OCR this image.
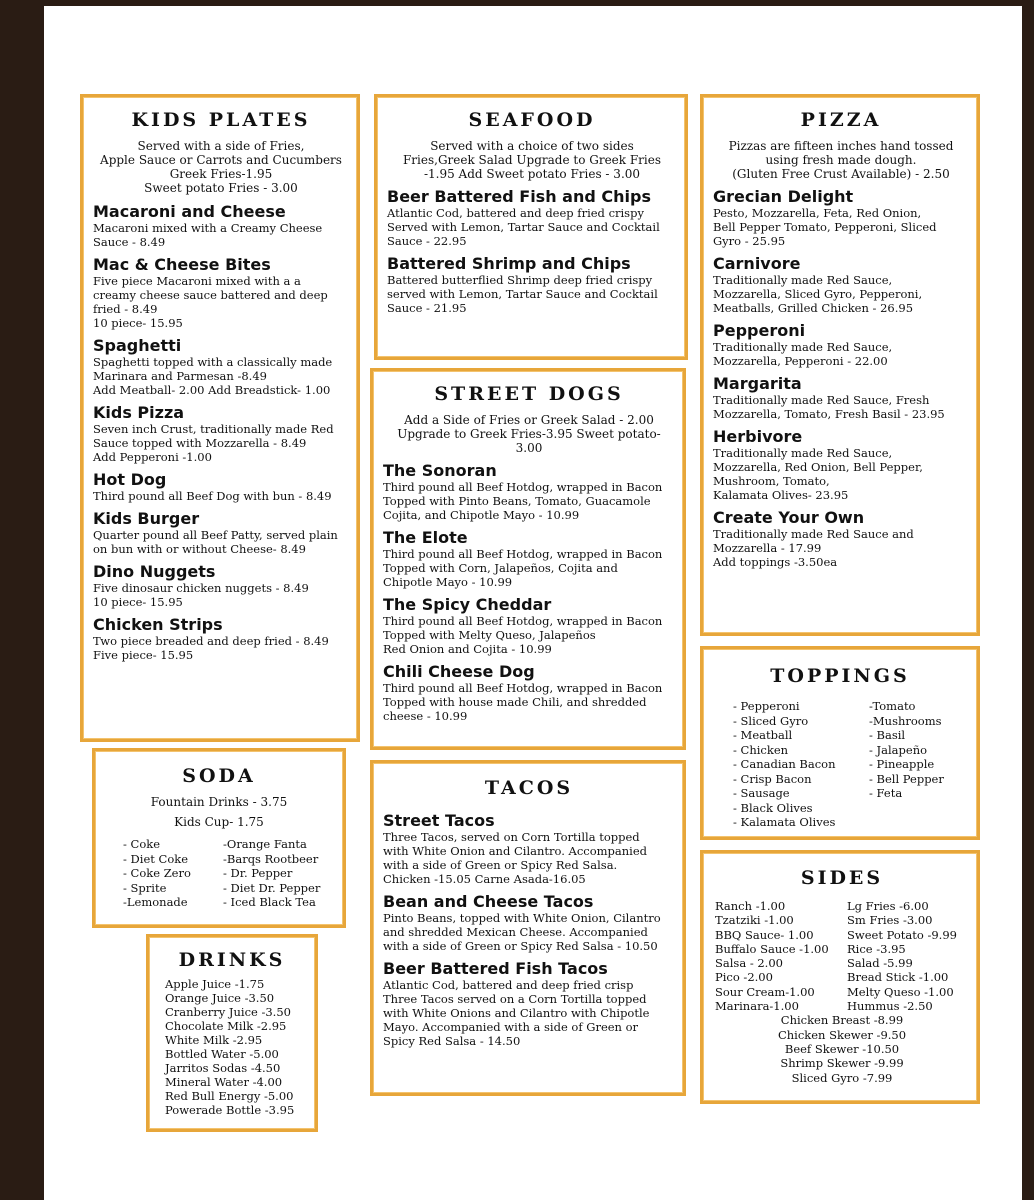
KIDS PLATES

Served with a side of Fries,
Apple Sauce or Carrots and Cucumbers
Greek Fries-1.95
Sweet potato Fries - 3.00

Macaroni and Cheese

Macaroni mixed with a Creamy Cheese
Sauce - 8.49

Mac & Cheese Bites

Five piece Macaroni mixed with a a
creamy cheese sauce battered and deep
fried - 8.49
10 piece- 15.95

Spaghetti

Spaghetti topped with a classically made
Marinara and Parmesan -8.49
Add Meatball- 2.00 Add Breadstick- 1.00

Kids Pizza

Seven inch Crust, traditionally made Red
Sauce topped with Mozzarella - 8.49
Add Pepperoni -1.00

Hot Dog

Third pound all Beef Dog with bun - 8.49

Kids Burger

Quarter pound all Beef Patty, served plain
on bun with or without Cheese- 8.49

Dino Nuggets

Five dinosaur chicken nuggets - 8.49
10 piece- 15.95

Chicken Strips

Two piece breaded and deep fried - 8.49
Five piece- 15.95

SEAFOOD

Served with a choice of two sides
Fries,Greek Salad Upgrade to Greek Fries
-1.95 Add Sweet potato Fries - 3.00

Beer Battered Fish and Chips

Atlantic Cod, battered and deep fried crispy
Served with Lemon, Tartar Sauce and Cocktail
Sauce - 22.95

Battered Shrimp and Chips

Battered butterflied Shrimp deep fried crispy
served with Lemon, Tartar Sauce and Cocktail
Sauce - 21.95

STREET DOGS

Add a Side of Fries or Greek Salad - 2.00
Upgrade to Greek Fries-3.95 Sweet potato- 3.00

The Sonoran

Third pound all Beef Hotdog, wrapped in Bacon
Topped with Pinto Beans, Tomato, Guacamole
Cojita, and Chipotle Mayo - 10.99

The Elote

Third pound all Beef Hotdog, wrapped in Bacon
Topped with Corn, Jalapeños, Cojita and
Chipotle Mayo - 10.99

The Spicy Cheddar

Third pound all Beef Hotdog, wrapped in Bacon
Topped with Melty Queso, Jalapeños
Red Onion and Cojita - 10.99

Chili Cheese Dog

Third pound all Beef Hotdog, wrapped in Bacon
Topped with house made Chili, and shredded
cheese - 10.99

PIZZA

Pizzas are fifteen inches hand tossed
using fresh made dough.
(Gluten Free Crust Available) - 2.50

Grecian Delight

Pesto, Mozzarella, Feta, Red Onion,
Bell Pepper Tomato, Pepperoni, Sliced
Gyro - 25.95

Carnivore

Traditionally made Red Sauce,
Mozzarella, Sliced Gyro, Pepperoni,
Meatballs, Grilled Chicken - 26.95

Pepperoni

Traditionally made Red Sauce,
Mozzarella, Pepperoni - 22.00

Margarita

Traditionally made Red Sauce, Fresh
Mozzarella, Tomato, Fresh Basil - 23.95

Herbivore

Traditionally made Red Sauce,
Mozzarella, Red Onion, Bell Pepper,
Mushroom, Tomato,
Kalamata Olives- 23.95

Create Your Own

Traditionally made Red Sauce and
Mozzarella - 17.99
Add toppings -3.50ea

TOPPINGS
- Pepperoni
- Sliced Gyro
- Meatball
- Chicken
- Canadian Bacon
- Crisp Bacon
- Sausage
- Black Olives
- Kalamata Olives
-Tomato
-Mushrooms
- Basil
- Jalapeño
- Pineapple
- Bell Pepper
- Feta
SODA

Fountain Drinks - 3.75

Kids Cup- 1.75

- Coke
- Diet Coke
- Coke Zero
- Sprite
-Lemonade
-Orange Fanta
-Barqs Rootbeer
- Dr. Pepper
- Diet Dr. Pepper
- Iced Black Tea
DRINKS
Apple Juice -1.75
Orange Juice -3.50
Cranberry Juice -3.50
Chocolate Milk -2.95
White Milk -2.95
Bottled Water -5.00
Jarritos Sodas -4.50
Mineral Water -4.00
Red Bull Energy -5.00
Powerade Bottle -3.95
TACOS

Street Tacos

Three Tacos, served on Corn Tortilla topped
with White Onion and Cilantro. Accompanied
with a side of Green or Spicy Red Salsa.
Chicken -15.05 Carne Asada-16.05

Bean and Cheese Tacos

Pinto Beans, topped with White Onion, Cilantro
and shredded Mexican Cheese. Accompanied
with a side of Green or Spicy Red Salsa - 10.50

Beer Battered Fish Tacos

Atlantic Cod, battered and deep fried crisp
Three Tacos served on a Corn Tortilla topped
with White Onions and Cilantro with Chipotle
Mayo. Accompanied with a side of Green or
Spicy Red Salsa - 14.50

SIDES
Ranch -1.00
Tzatziki -1.00
BBQ Sauce- 1.00
Buffalo Sauce -1.00
Salsa - 2.00
Pico -2.00
Sour Cream-1.00
Marinara-1.00
Lg Fries -6.00
Sm Fries -3.00
Sweet Potato -9.99
Rice -3.95
Salad -5.99
Bread Stick -1.00
Melty Queso -1.00
Hummus -2.50
Chicken Breast -8.99
Chicken Skewer -9.50
Beef Skewer -10.50
Shrimp Skewer -9.99
Sliced Gyro -7.99
